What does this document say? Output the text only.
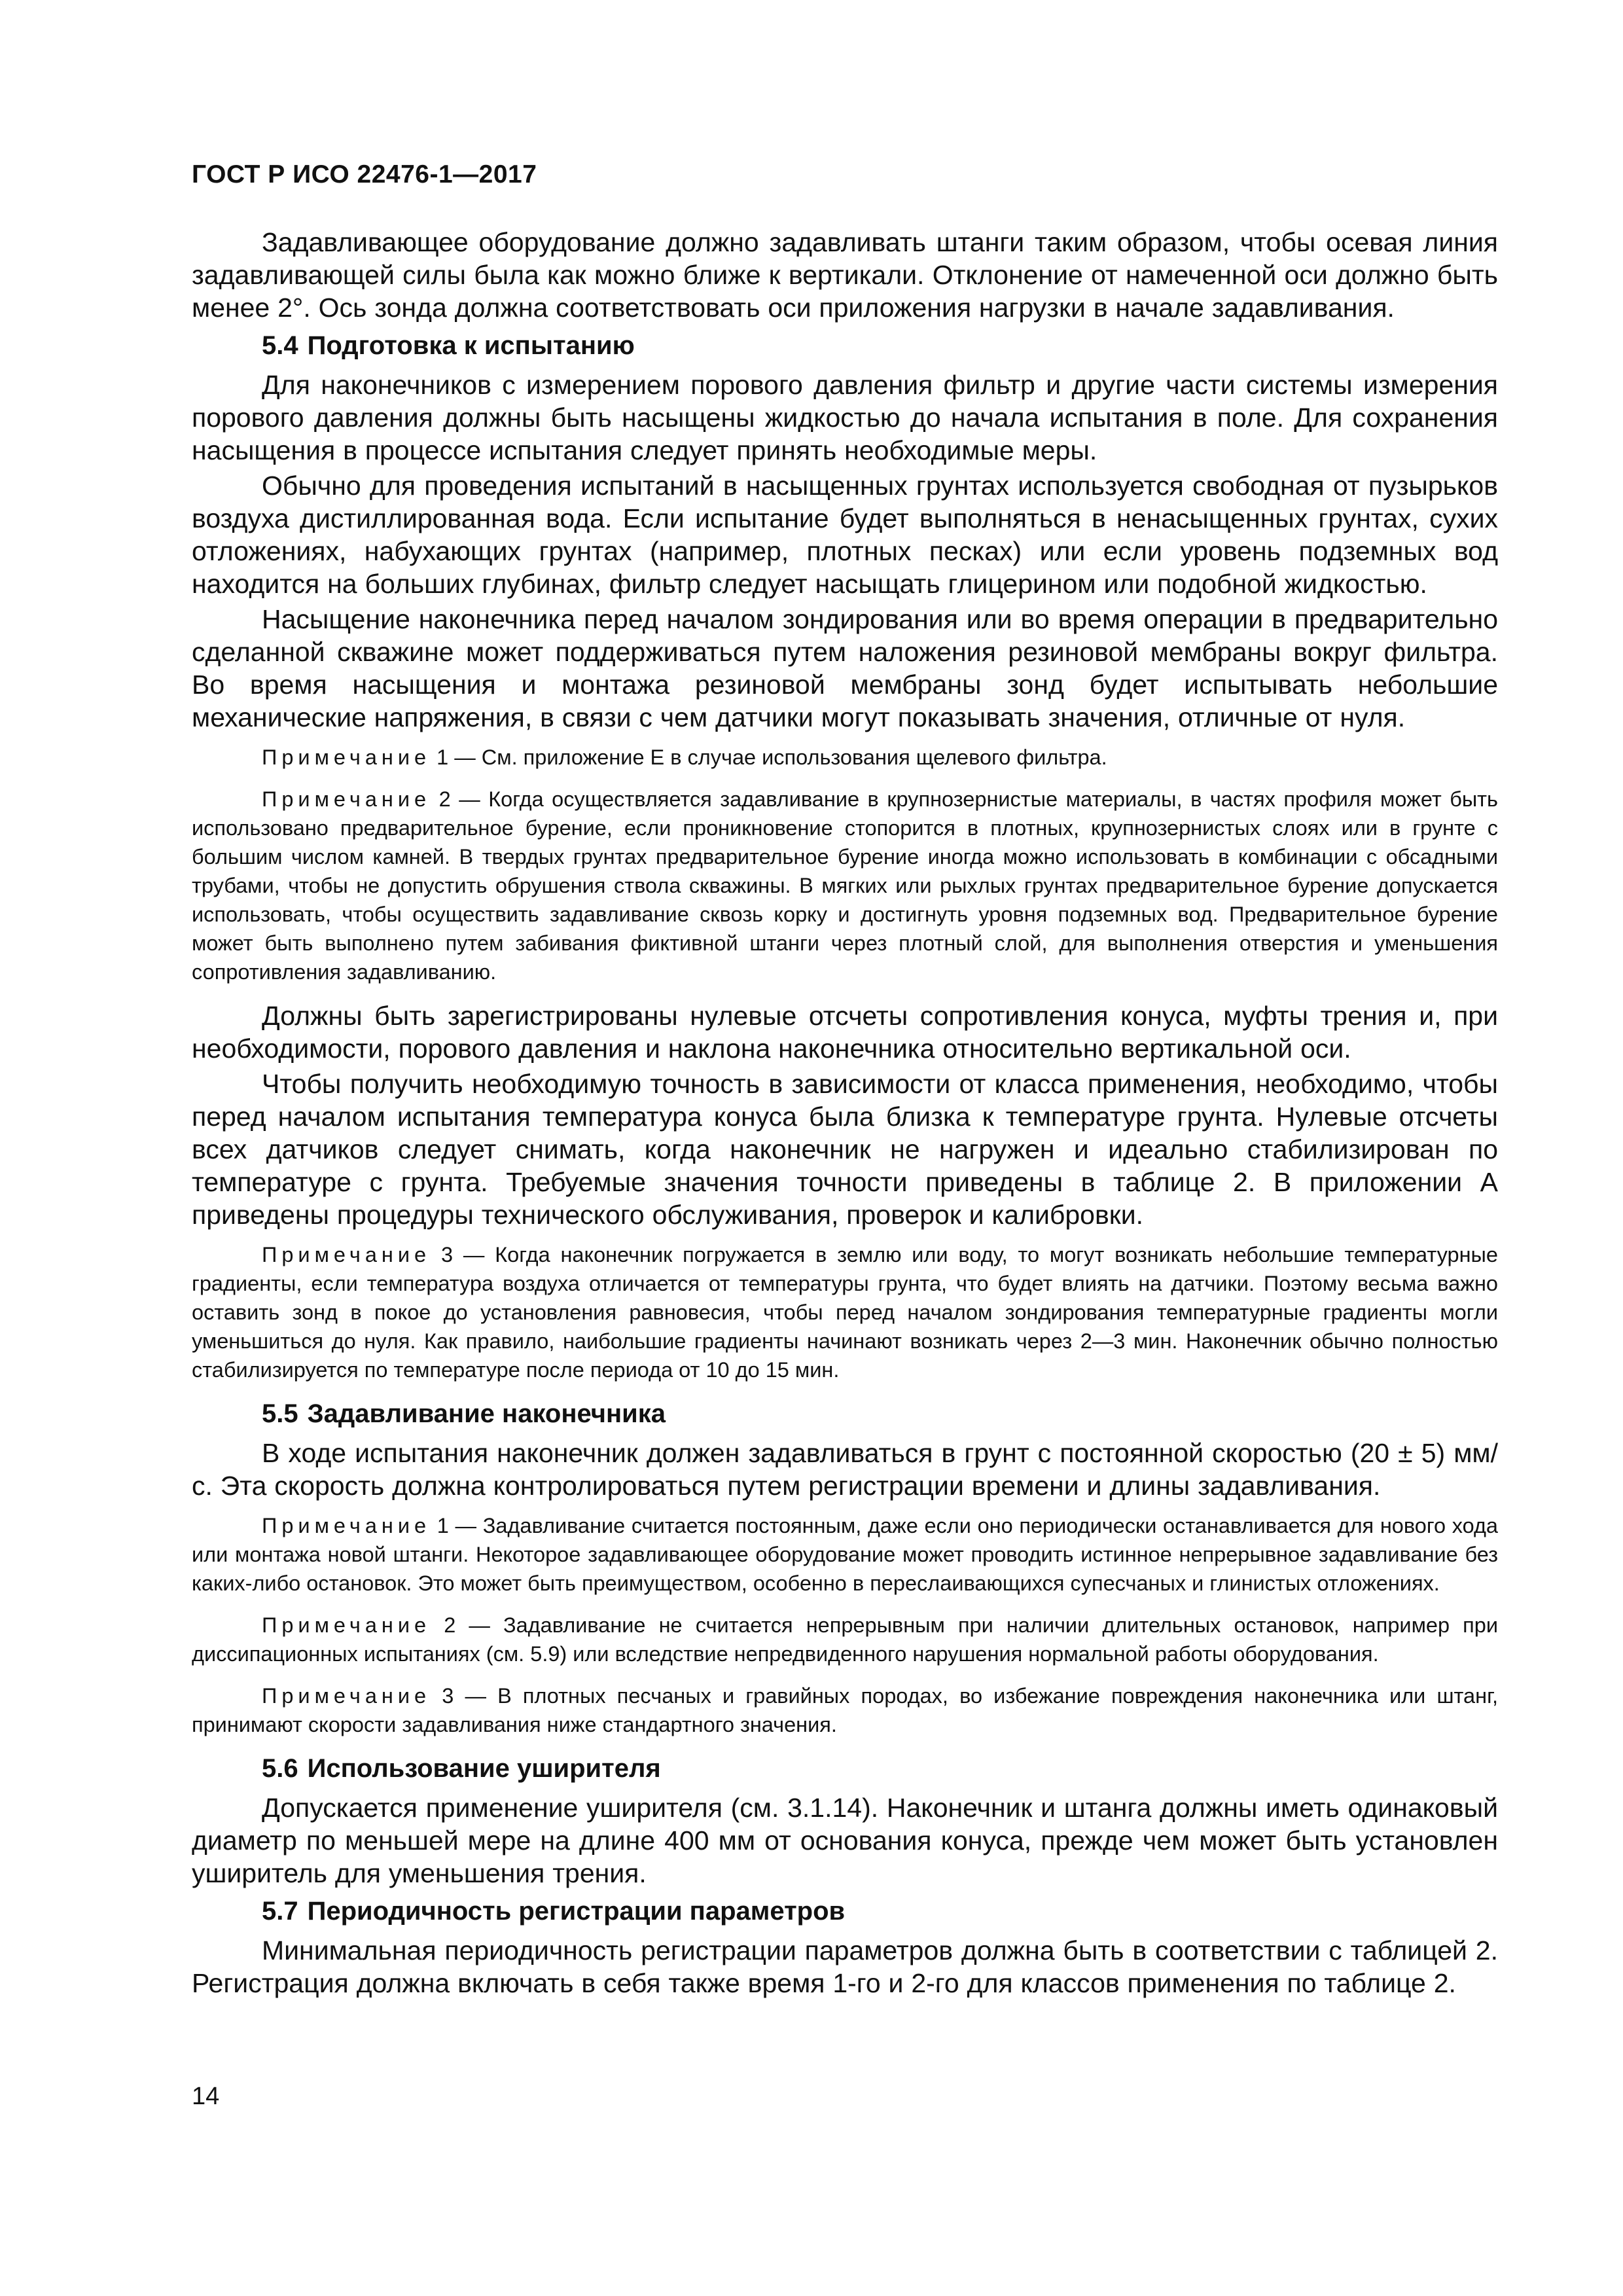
ГОСТ Р ИСО 22476-1—2017

Задавливающее оборудование должно задавливать штанги таким образом, чтобы осевая линия задавливающей силы была как можно ближе к вертикали. Отклонение от намеченной оси должно быть менее 2°. Ось зонда должна соответствовать оси приложения нагрузки в начале задавливания.

5.4 Подготовка к испытанию

Для наконечников с измерением порового давления фильтр и другие части системы измерения порового давления должны быть насыщены жидкостью до начала испытания в поле. Для сохранения насыщения в процессе испытания следует принять необходимые меры.

Обычно для проведения испытаний в насыщенных грунтах используется свободная от пузырьков воздуха дистиллированная вода. Если испытание будет выполняться в ненасыщенных грунтах, сухих отложениях, набухающих грунтах (например, плотных песках) или если уровень подземных вод находится на больших глубинах, фильтр следует насыщать глицерином или подобной жидкостью.

Насыщение наконечника перед началом зондирования или во время операции в предварительно сделанной скважине может поддерживаться путем наложения резиновой мембраны вокруг фильтра. Во время насыщения и монтажа резиновой мембраны зонд будет испытывать небольшие механические напряжения, в связи с чем датчики могут показывать значения, отличные от нуля.

Примечание 1 — См. приложение Е в случае использования щелевого фильтра.

Примечание 2 — Когда осуществляется задавливание в крупнозернистые материалы, в частях профиля может быть использовано предварительное бурение, если проникновение стопорится в плотных, крупнозернистых слоях или в грунте с большим числом камней. В твердых грунтах предварительное бурение иногда можно использовать в комбинации с обсадными трубами, чтобы не допустить обрушения ствола скважины. В мягких или рыхлых грунтах предварительное бурение допускается использовать, чтобы осуществить задавливание сквозь корку и достигнуть уровня подземных вод. Предварительное бурение может быть выполнено путем забивания фиктивной штанги через плотный слой, для выполнения отверстия и уменьшения сопротивления задавливанию.

Должны быть зарегистрированы нулевые отсчеты сопротивления конуса, муфты трения и, при необходимости, порового давления и наклона наконечника относительно вертикальной оси.

Чтобы получить необходимую точность в зависимости от класса применения, необходимо, чтобы перед началом испытания температура конуса была близка к температуре грунта. Нулевые отсчеты всех датчиков следует снимать, когда наконечник не нагружен и идеально стабилизирован по температуре с грунта. Требуемые значения точности приведены в таблице 2. В приложении А приведены процедуры технического обслуживания, проверок и калибровки.

Примечание 3 — Когда наконечник погружается в землю или воду, то могут возникать небольшие температурные градиенты, если температура воздуха отличается от температуры грунта, что будет влиять на датчики. Поэтому весьма важно оставить зонд в покое до установления равновесия, чтобы перед началом зондирования температурные градиенты могли уменьшиться до нуля. Как правило, наибольшие градиенты начинают возникать через 2—3 мин. Наконечник обычно полностью стабилизируется по температуре после периода от 10 до 15 мин.

5.5 Задавливание наконечника

В ходе испытания наконечник должен задавливаться в грунт с постоянной скоростью (20 ± 5) мм/с. Эта скорость должна контролироваться путем регистрации времени и длины задавливания.

Примечание 1 — Задавливание считается постоянным, даже если оно периодически останавливается для нового хода или монтажа новой штанги. Некоторое задавливающее оборудование может проводить истинное непрерывное задавливание без каких-либо остановок. Это может быть преимуществом, особенно в переслаивающихся супесчаных и глинистых отложениях.

Примечание 2 — Задавливание не считается непрерывным при наличии длительных остановок, например при диссипационных испытаниях (см. 5.9) или вследствие непредвиденного нарушения нормальной работы оборудования.

Примечание 3 — В плотных песчаных и гравийных породах, во избежание повреждения наконечника или штанг, принимают скорости задавливания ниже стандартного значения.

5.6 Использование уширителя

Допускается применение уширителя (см. 3.1.14). Наконечник и штанга должны иметь одинаковый диаметр по меньшей мере на длине 400 мм от основания конуса, прежде чем может быть установлен уширитель для уменьшения трения.

5.7 Периодичность регистрации параметров

Минимальная периодичность регистрации параметров должна быть в соответствии с таблицей 2. Регистрация должна включать в себя также время 1-го и 2-го для классов применения по таблице 2.

14
